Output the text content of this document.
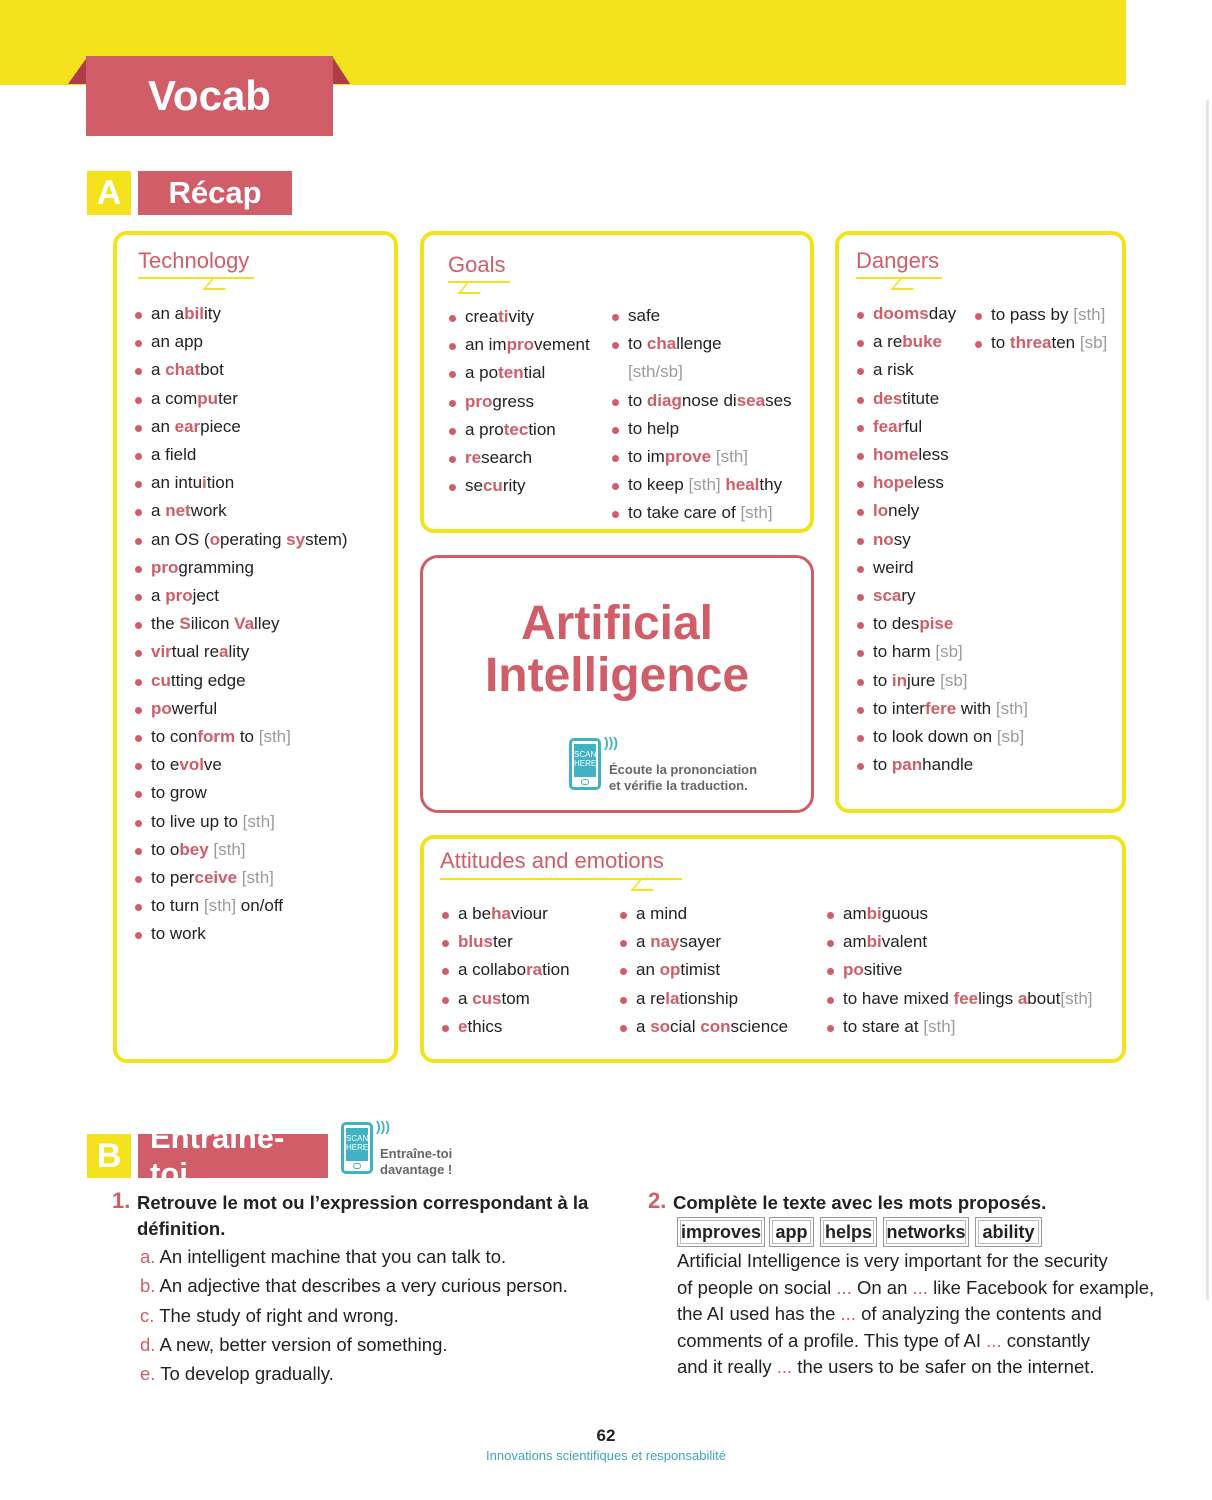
Vocab
A	Récap
Technology
an ability
an app
a chatbot
a computer
an earpiece
a field
an intuition
a network
an OS (operating system)
programming
a project
the Silicon Valley
virtual reality
cutting edge
powerful
to conform to [sth]
to evolve
to grow
to live up to [sth]
to obey [sth]
to perceive [sth]
to turn [sth] on/off
to work
Goals
creativity
an improvement
a potential
progress
a protection
research
security
safe
to challenge
[sth/sb]
to diagnose diseases
to help
to improve [sth]
to keep [sth] healthy
to take care of [sth]
Artificial
Intelligence
SCAN HERE
)))
Écoute la prononciation
et vérifie la traduction.
Dangers
doomsday
a rebuke
a risk
destitute
fearful
homeless
hopeless
lonely
nosy
weird
scary
to despise
to harm [sb]
to injure [sb]
to interfere with [sth]
to look down on [sb]
to panhandle
to pass by [sth]
to threaten [sb]
Attitudes and emotions
a behaviour
bluster
a collaboration
a custom
ethics
a mind
a naysayer
an optimist
a relationship
a social conscience
ambiguous
ambivalent
positive
to have mixed feelings about[sth]
to stare at [sth]
B Entraîne-toi
SCAN HERE
)))
Entraîne-toi
davantage !
1. Retrouve le mot ou l’expression correspondant à la
définition.
a. An intelligent machine that you can talk to.
b. An adjective that describes a very curious person.
c. The study of right and wrong.
d. A new, better version of something.
e. To develop gradually.
2. Complète le texte avec les mots proposés.
improves app helps networks ability

Artificial Intelligence is very important for the security

of people on social ... On an ... like Facebook for example,

the AI used has the ... of analyzing the contents and

comments of a profile. This type of AI ... constantly

and it really ... the users to be safer on the internet.

62
Innovations scientifiques et responsabilité
